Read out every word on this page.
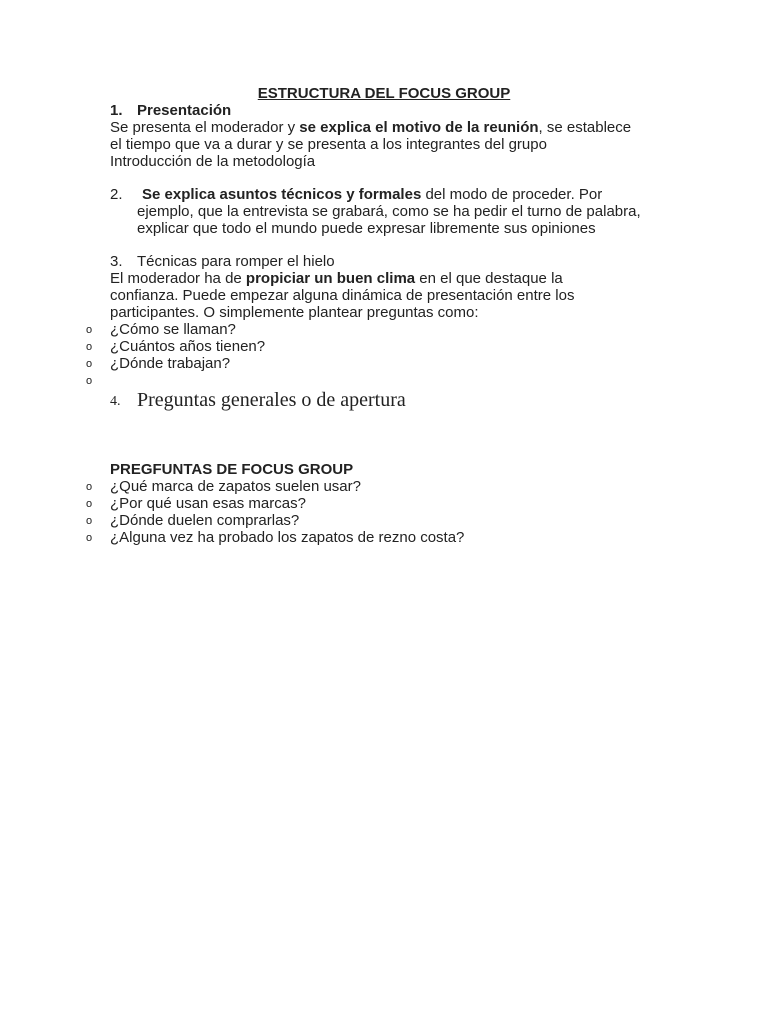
ESTRUCTURA DEL FOCUS GROUP
1. Presentación
Se presenta el moderador y se explica el motivo de la reunión, se establece
el tiempo que va a durar y se presenta a los integrantes del grupo
Introducción de la metodología
2. Se explica asuntos técnicos y formales del modo de proceder. Por
ejemplo, que la entrevista se grabará, como se ha pedir el turno de palabra,
explicar que todo el mundo puede expresar libremente sus opiniones
3. Técnicas para romper el hielo
El moderador ha de propiciar un buen clima en el que destaque la
confianza. Puede empezar alguna dinámica de presentación entre los
participantes. O simplemente plantear preguntas como:
o ¿Cómo se llaman?
o ¿Cuántos años tienen?
o ¿Dónde trabajan?
o
4. Preguntas generales o de apertura
PREGFUNTAS DE FOCUS GROUP
o ¿Qué marca de zapatos suelen usar?
o ¿Por qué usan esas marcas?
o ¿Dónde duelen comprarlas?
o ¿Alguna vez ha probado los zapatos de rezno costa?
